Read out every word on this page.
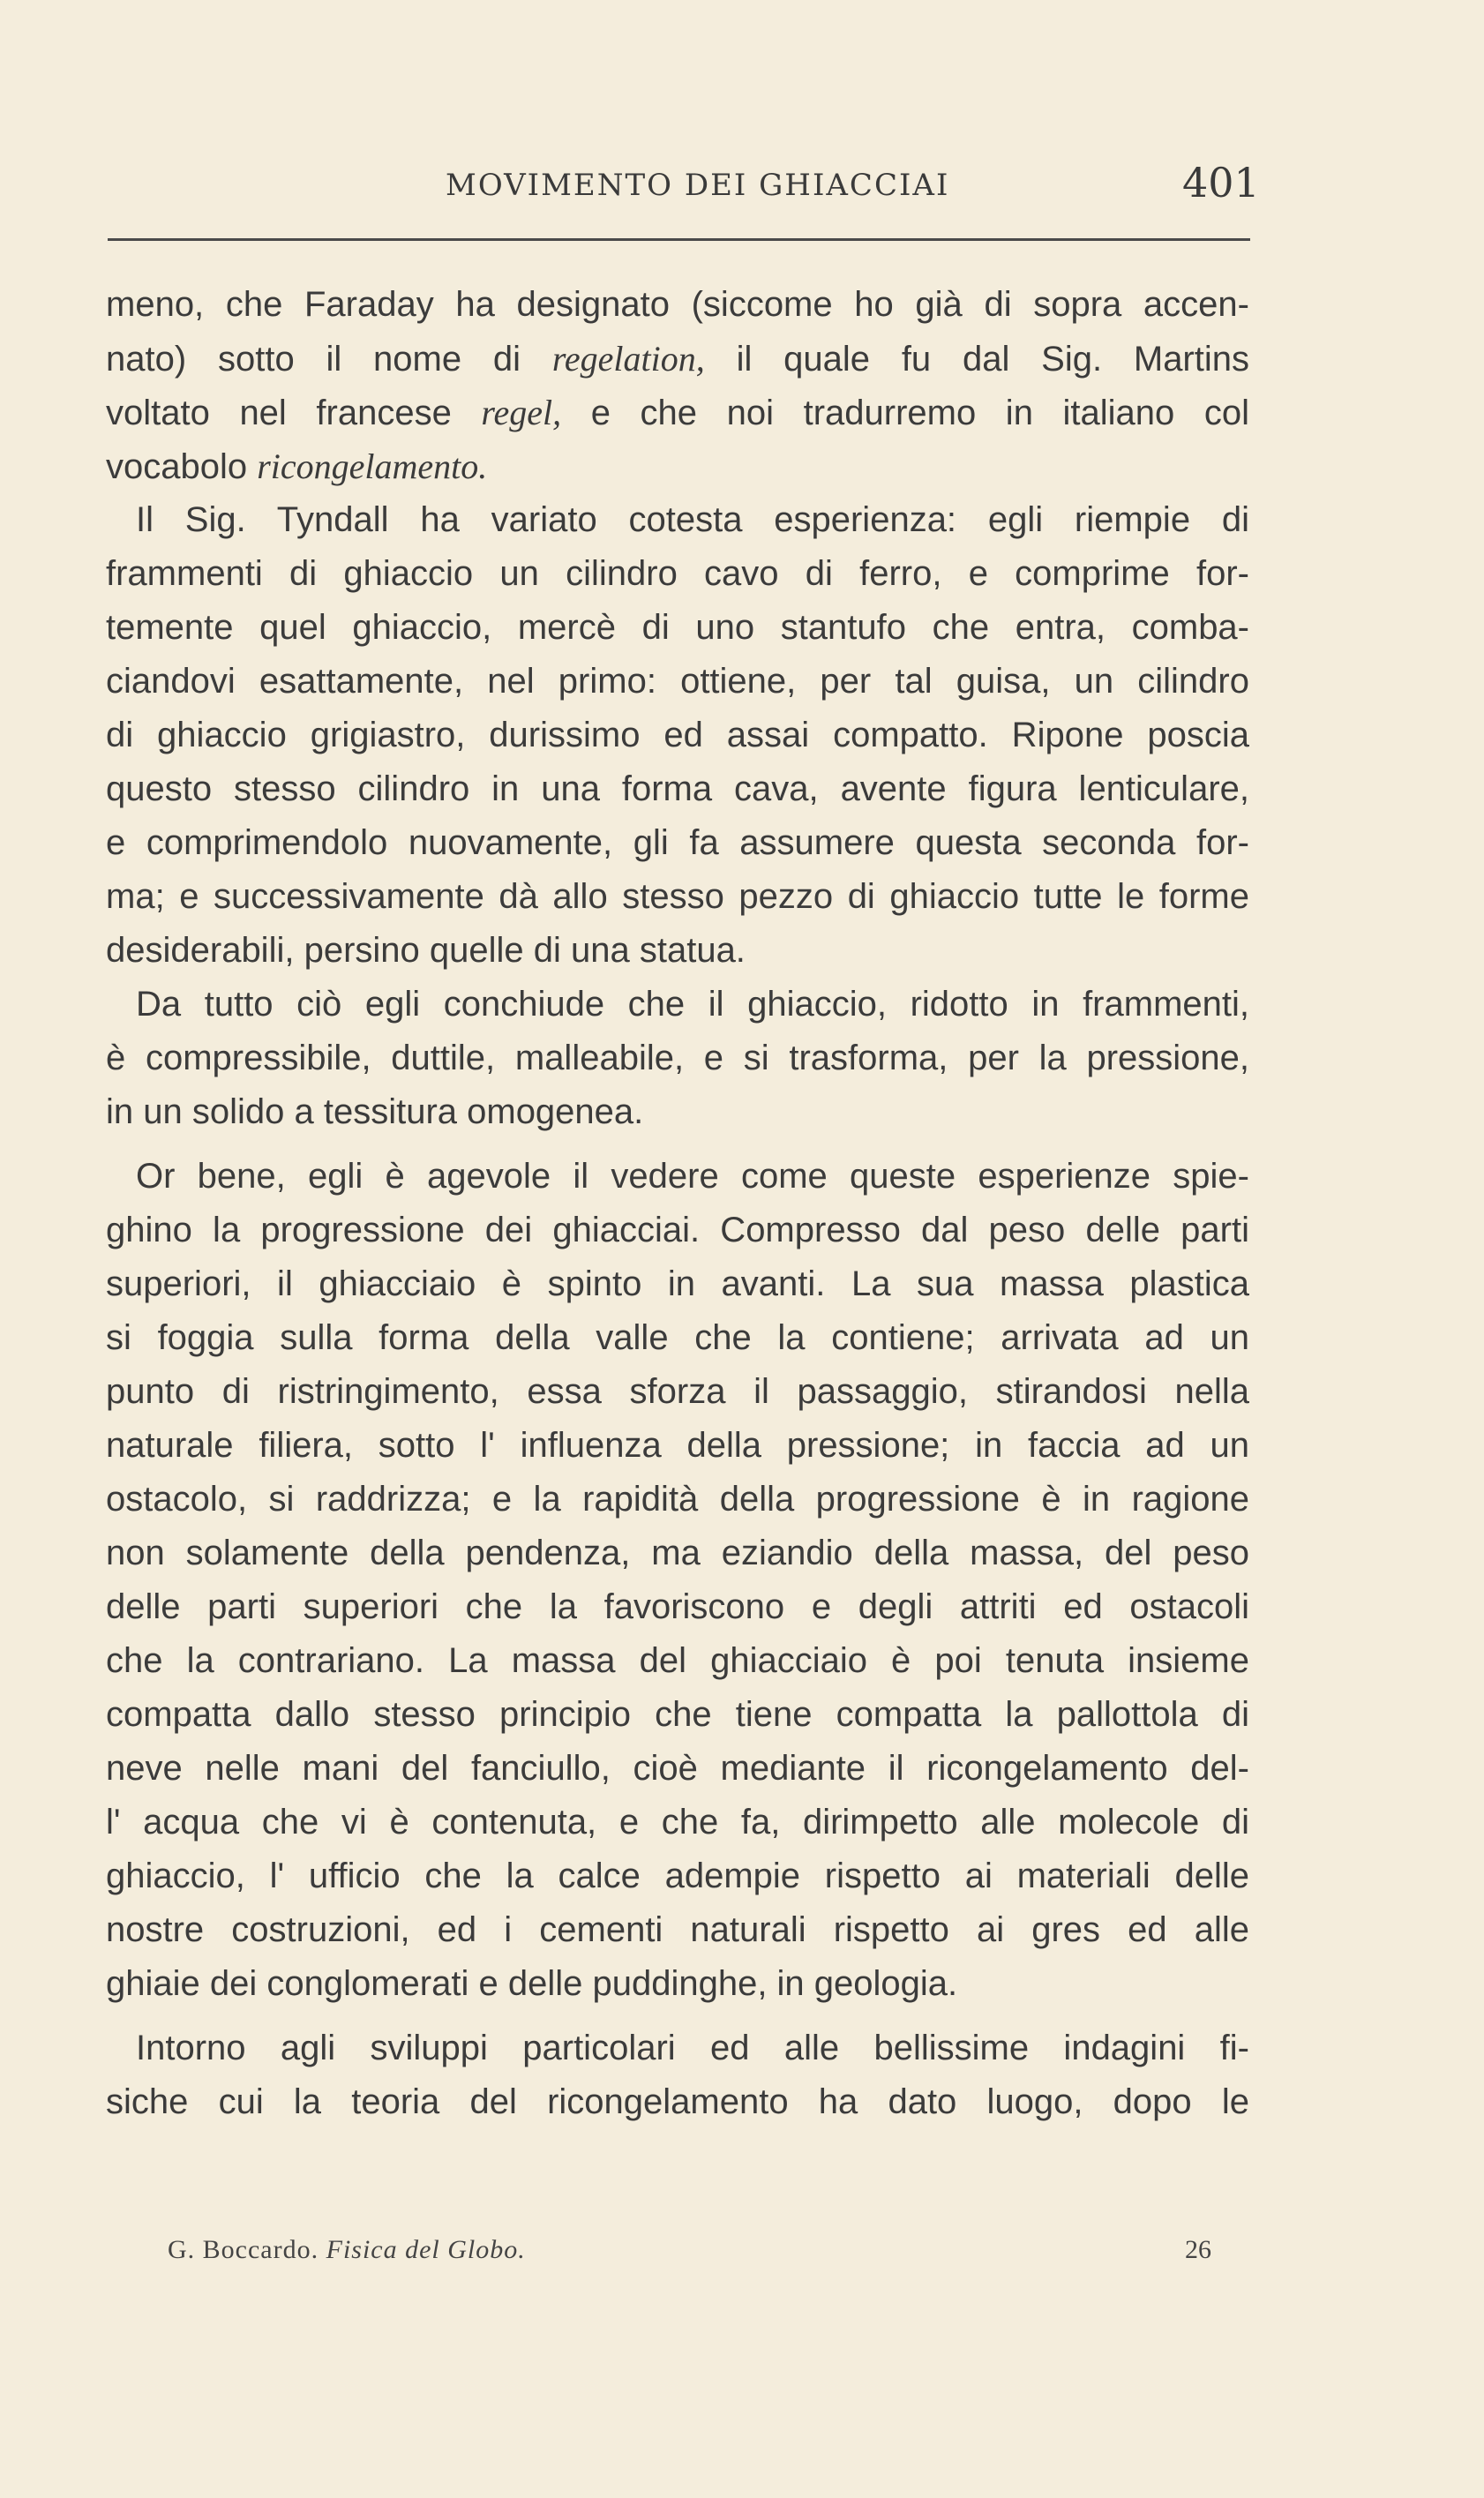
MOVIMENTO DEI GHIACCIAI	401
meno, che Faraday ha designato (siccome ho già di sopra accen-
nato) sotto il nome di regelation, il quale fu dal Sig. Martins
voltato nel francese regel, e che noi tradurremo in italiano col
vocabolo ricongelamento.
Il Sig. Tyndall ha variato cotesta esperienza: egli riempie di
frammenti di ghiaccio un cilindro cavo di ferro, e comprime for-
temente quel ghiaccio, mercè di uno stantufo che entra, comba-
ciandovi esattamente, nel primo: ottiene, per tal guisa, un cilindro
di ghiaccio grigiastro, durissimo ed assai compatto. Ripone poscia
questo stesso cilindro in una forma cava, avente figura lenticulare,
e comprimendolo nuovamente, gli fa assumere questa seconda for-
ma; e successivamente dà allo stesso pezzo di ghiaccio tutte le forme
desiderabili, persino quelle di una statua.
Da tutto ciò egli conchiude che il ghiaccio, ridotto in frammenti,
è compressibile, duttile, malleabile, e si trasforma, per la pressione,
in un solido a tessitura omogenea.
Or bene, egli è agevole il vedere come queste esperienze spie-
ghino la progressione dei ghiacciai. Compresso dal peso delle parti
superiori, il ghiacciaio è spinto in avanti. La sua massa plastica
si foggia sulla forma della valle che la contiene; arrivata ad un
punto di ristringimento, essa sforza il passaggio, stirandosi nella
naturale filiera, sotto l' influenza della pressione; in faccia ad un
ostacolo, si raddrizza; e la rapidità della progressione è in ragione
non solamente della pendenza, ma eziandio della massa, del peso
delle parti superiori che la favoriscono e degli attriti ed ostacoli
che la contrariano. La massa del ghiacciaio è poi tenuta insieme
compatta dallo stesso principio che tiene compatta la pallottola di
neve nelle mani del fanciullo, cioè mediante il ricongelamento del-
l' acqua che vi è contenuta, e che fa, dirimpetto alle molecole di
ghiaccio, l' ufficio che la calce adempie rispetto ai materiali delle
nostre costruzioni, ed i cementi naturali rispetto ai gres ed alle
ghiaie dei conglomerati e delle puddinghe, in geologia.
Intorno agli sviluppi particolari ed alle bellissime indagini fi-
siche cui la teoria del ricongelamento ha dato luogo, dopo le
G. Boccardo. Fisica del Globo.	26
